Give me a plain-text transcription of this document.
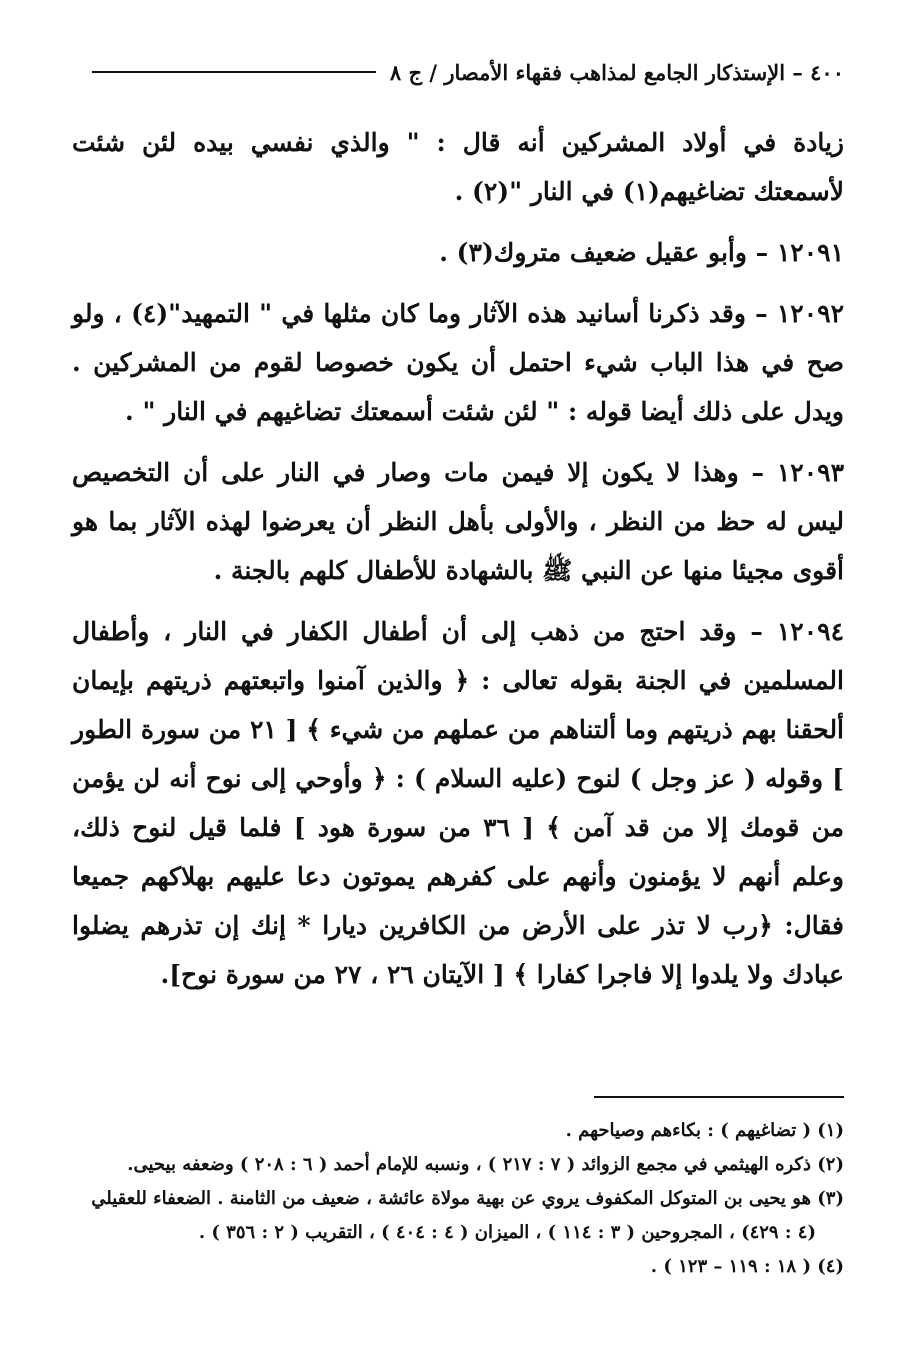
٤٠٠ – الإستذكار الجامع لمذاهب فقهاء الأمصار / ج ٨

زيادة في أولاد المشركين أنه قال : " والذي نفسي بيده لئن شئت لأسمعتك تضاغيهم(١) في النار "(٢) .

١٢٠٩١ – وأبو عقيل ضعيف متروك(٣) .

١٢٠٩٢ – وقد ذكرنا أسانيد هذه الآثار وما كان مثلها في " التمهيد"(٤) ، ولو صح في هذا الباب شيء احتمل أن يكون خصوصا لقوم من المشركين . ويدل على ذلك أيضا قوله : " لئن شئت أسمعتك تضاغيهم في النار " .

١٢٠٩٣ – وهذا لا يكون إلا فيمن مات وصار في النار على أن التخصيص ليس له حظ من النظر ، والأولى بأهل النظر أن يعرضوا لهذه الآثار بما هو أقوى مجيئا منها عن النبي ﷺ بالشهادة للأطفال كلهم بالجنة .

١٢٠٩٤ – وقد احتج من ذهب إلى أن أطفال الكفار في النار ، وأطفال المسلمين في الجنة بقوله تعالى : ﴿ والذين آمنوا واتبعتهم ذريتهم بإيمان ألحقنا بهم ذريتهم وما ألتناهم من عملهم من شيء ﴾ [ ٢١ من سورة الطور ] وقوله ( عز وجل ) لنوح (عليه السلام ) : ﴿ وأوحي إلى نوح أنه لن يؤمن من قومك إلا من قد آمن ﴾ [ ٣٦ من سورة هود ] فلما قيل لنوح ذلك، وعلم أنهم لا يؤمنون وأنهم على كفرهم يموتون دعا عليهم بهلاكهم جميعا فقال: ﴿رب لا تذر على الأرض من الكافرين ديارا * إنك إن تذرهم يضلوا عبادك ولا يلدوا إلا فاجرا كفارا ﴾ [ الآيتان ٢٦ ، ٢٧ من سورة نوح].

(١) ( تضاغيهم ) : بكاءهم وصياحهم .

(٢) ذكره الهيثمي في مجمع الزوائد ( ٧ : ٢١٧ ) ، ونسبه للإمام أحمد ( ٦ : ٢٠٨ ) وضعفه بيحيى.

(٣) هو يحيى بن المتوكل المكفوف يروي عن بهية مولاة عائشة ، ضعيف من الثامنة . الضعفاء للعقيلي

(٤ : ٤٢٩) ، المجروحين ( ٣ : ١١٤ ) ، الميزان ( ٤ : ٤٠٤ ) ، التقريب ( ٢ : ٣٥٦ ) .

(٤) ( ١٨ : ١١٩ – ١٢٣ ) .
